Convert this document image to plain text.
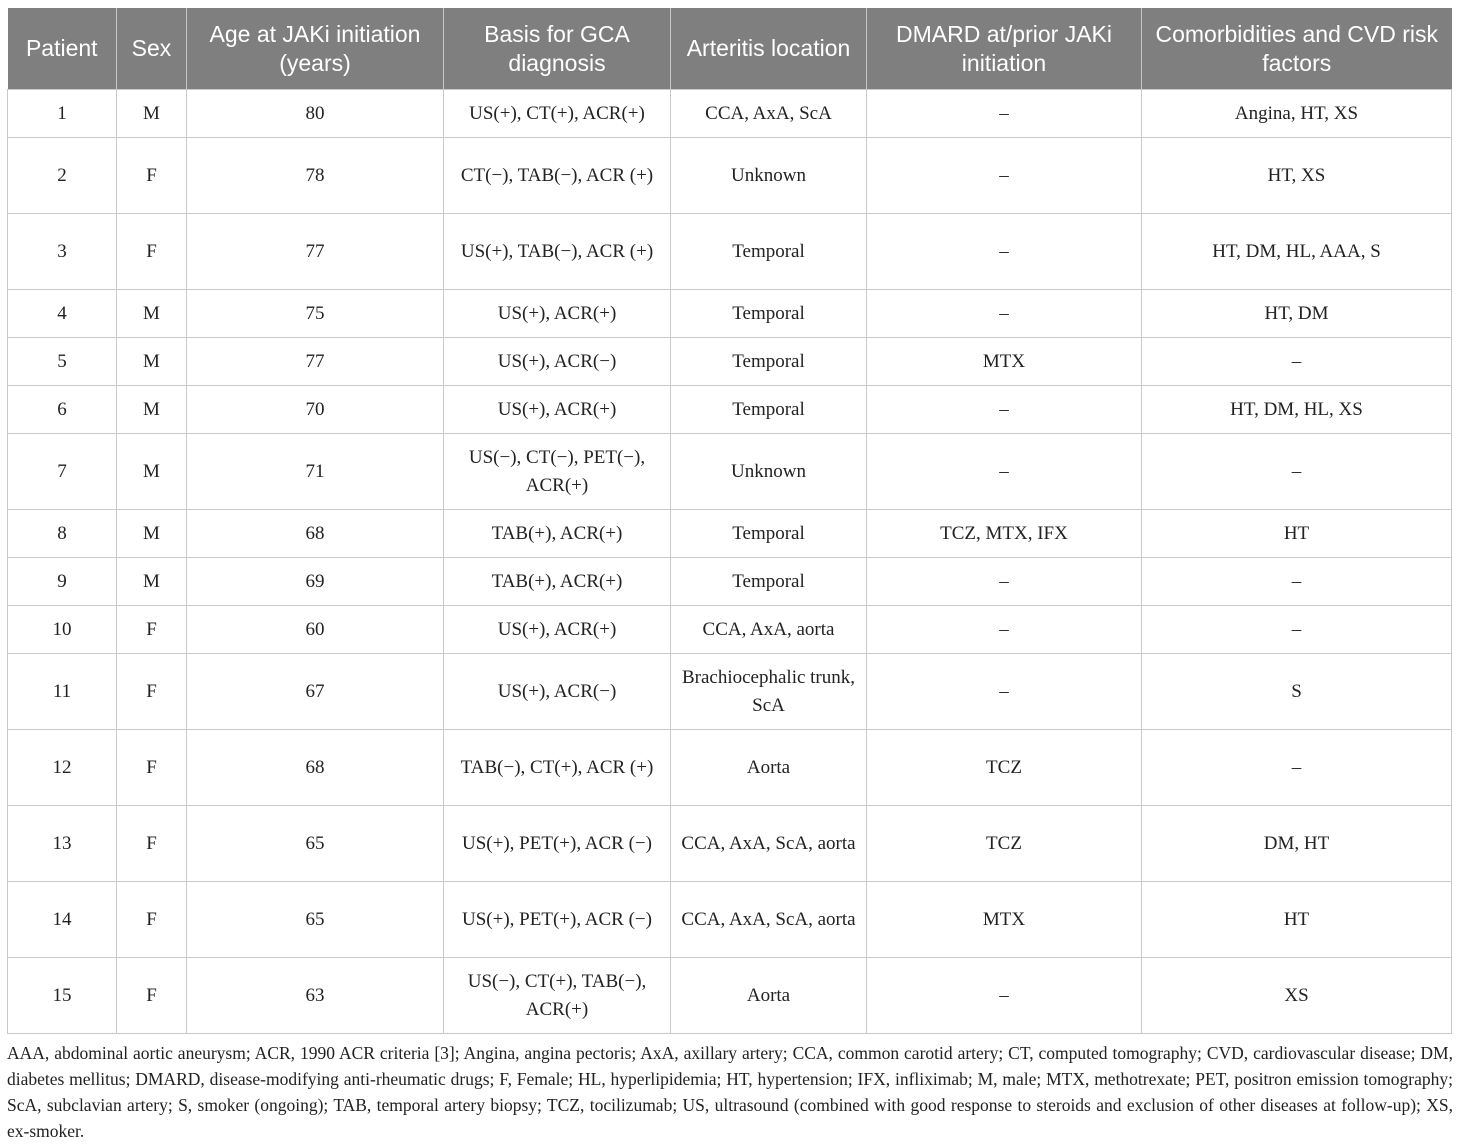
Patient	Sex	Age at JAKi initiation (years)	Basis for GCA diagnosis	Arteritis location	DMARD at/prior JAKi initiation	Comorbidities and CVD risk factors
1	M	80	US(+), CT(+), ACR(+)	CCA, AxA, ScA	–	Angina, HT, XS
2	F	78	CT(−), TAB(−), ACR (+)	Unknown	–	HT, XS
3	F	77	US(+), TAB(−), ACR (+)	Temporal	–	HT, DM, HL, AAA, S
4	M	75	US(+), ACR(+)	Temporal	–	HT, DM
5	M	77	US(+), ACR(−)	Temporal	MTX	–
6	M	70	US(+), ACR(+)	Temporal	–	HT, DM, HL, XS
7	M	71	US(−), CT(−), PET(−), ACR(+)	Unknown	–	–
8	M	68	TAB(+), ACR(+)	Temporal	TCZ, MTX, IFX	HT
9	M	69	TAB(+), ACR(+)	Temporal	–	–
10	F	60	US(+), ACR(+)	CCA, AxA, aorta	–	–
11	F	67	US(+), ACR(−)	Brachiocephalic trunk, ScA	–	S
12	F	68	TAB(−), CT(+), ACR (+)	Aorta	TCZ	–
13	F	65	US(+), PET(+), ACR (−)	CCA, AxA, ScA, aorta	TCZ	DM, HT
14	F	65	US(+), PET(+), ACR (−)	CCA, AxA, ScA, aorta	MTX	HT
15	F	63	US(−), CT(+), TAB(−), ACR(+)	Aorta	–	XS
AAA, abdominal aortic aneurysm; ACR, 1990 ACR criteria [3]; Angina, angina pectoris; AxA, axillary artery; CCA, common carotid artery; CT, computed tomography; CVD, cardiovascular disease; DM, diabetes mellitus; DMARD, disease-modifying anti-rheumatic drugs; F, Female; HL, hyperlipidemia; HT, hypertension; IFX, infliximab; M, male; MTX, methotrexate; PET, positron emission tomography; ScA, subclavian artery; S, smoker (ongoing); TAB, temporal artery biopsy; TCZ, tocilizumab; US, ultrasound (combined with good response to steroids and exclusion of other diseases at follow-up); XS, ex-smoker.
